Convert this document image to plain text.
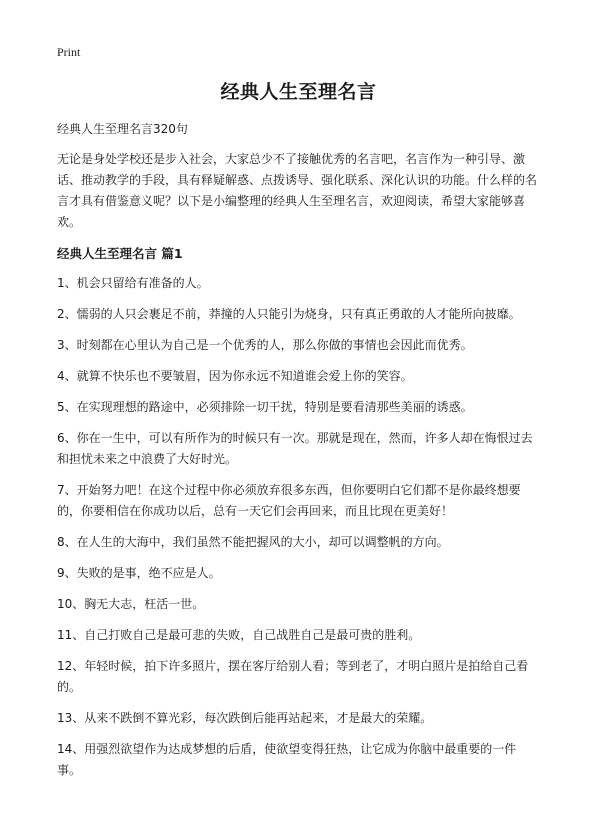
Print
经典人生至理名言
经典人生至理名言320句

无论是身处学校还是步入社会，大家总少不了接触优秀的名言吧，名言作为一种引导、激话、推动教学的手段，具有释疑解惑、点拨诱导、强化联系、深化认识的功能。什么样的名言才具有借鉴意义呢？以下是小编整理的经典人生至理名言，欢迎阅读，希望大家能够喜欢。

经典人生至理名言 篇1
1、机会只留给有准备的人。
2、懦弱的人只会裹足不前，莽撞的人只能引为烧身，只有真正勇敢的人才能所向披靡。
3、时刻都在心里认为自己是一个优秀的人，那么你做的事情也会因此而优秀。
4、就算不快乐也不要皱眉，因为你永远不知道谁会爱上你的笑容。
5、在实现理想的路途中，必须排除一切干扰，特别是要看清那些美丽的诱惑。
6、你在一生中，可以有所作为的时候只有一次。那就是现在，然而，许多人却在悔恨过去和担忧未来之中浪费了大好时光。
7、开始努力吧！在这个过程中你必须放弃很多东西，但你要明白它们都不是你最终想要的，你要相信在你成功以后，总有一天它们会再回来，而且比现在更美好！
8、在人生的大海中，我们虽然不能把握风的大小，却可以调整帆的方向。
9、失败的是事，绝不应是人。
10、胸无大志，枉活一世。
11、自己打败自己是最可悲的失败，自己战胜自己是最可贵的胜利。
12、年轻时候，拍下许多照片，摆在客厅给别人看；等到老了，才明白照片是拍给自己看的。
13、从来不跌倒不算光彩，每次跌倒后能再站起来，才是最大的荣耀。
14、用强烈欲望作为达成梦想的后盾，使欲望变得狂热，让它成为你脑中最重要的一件事。
